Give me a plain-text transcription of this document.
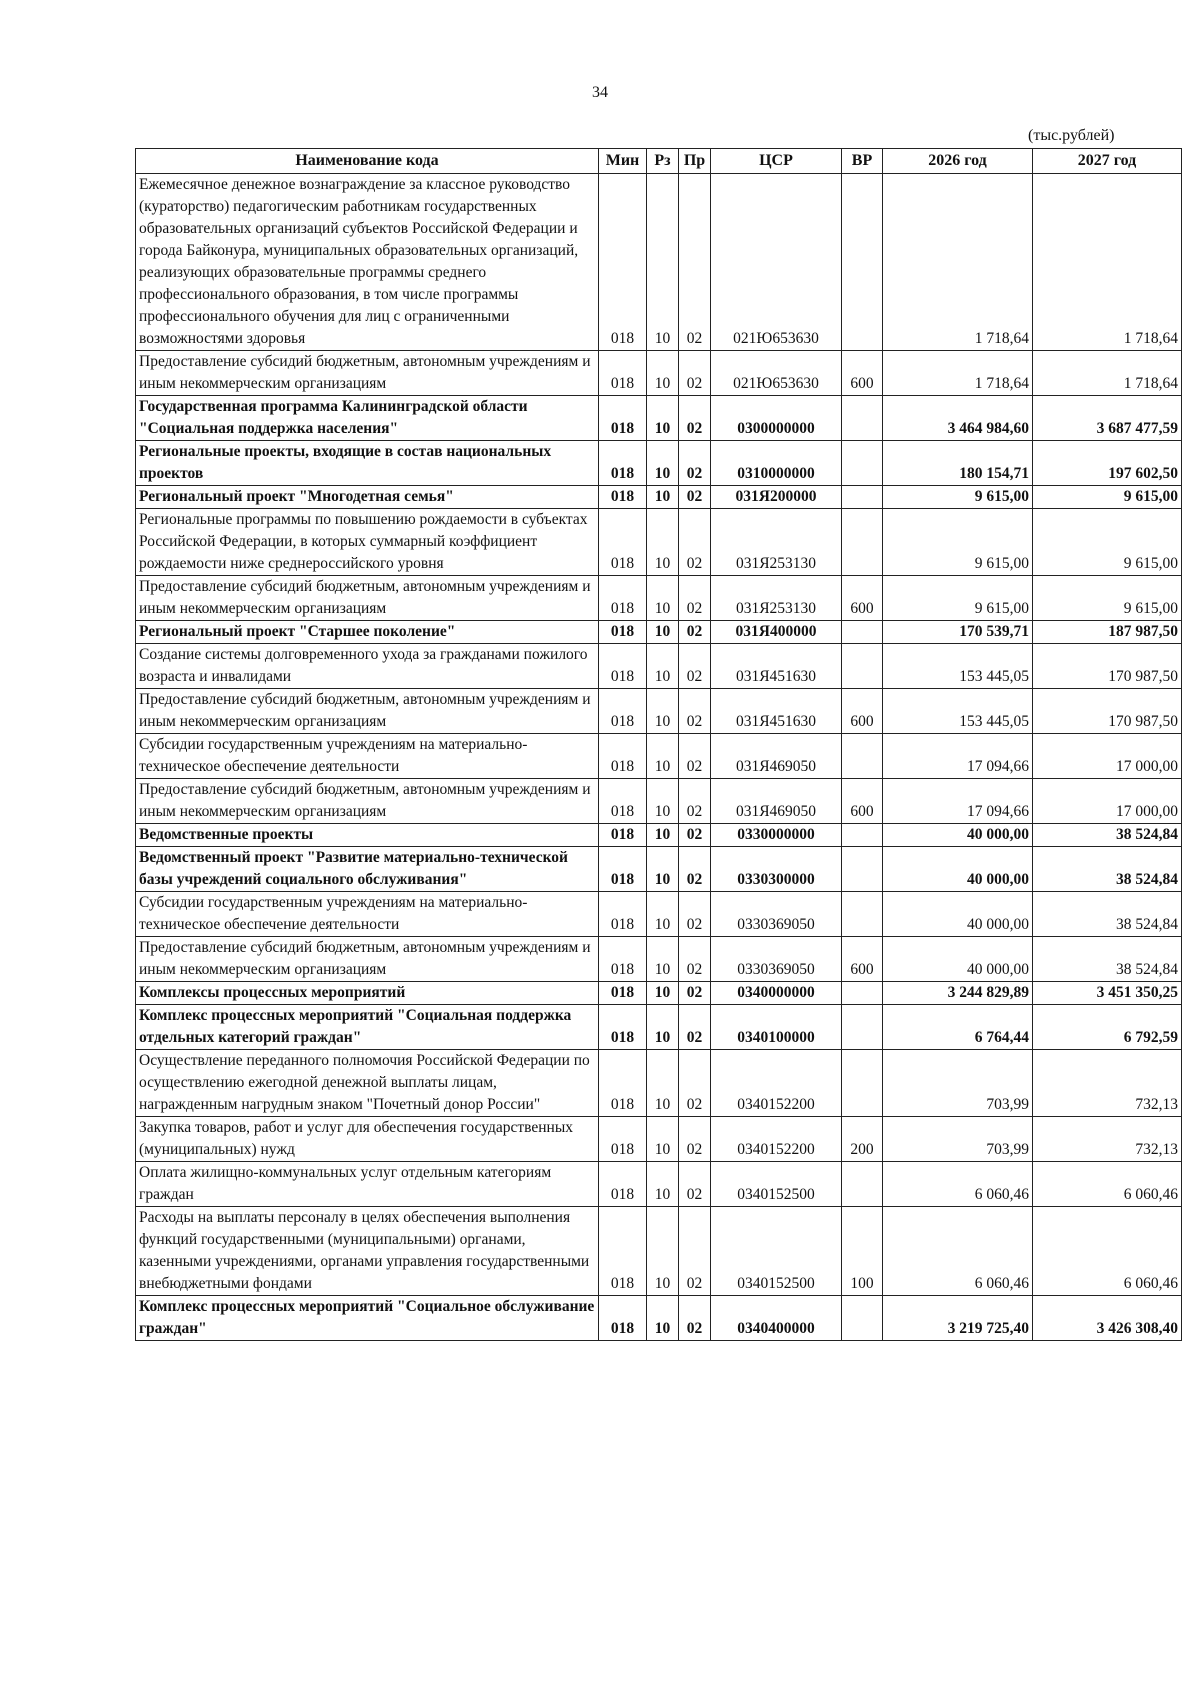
34
(тыс.рублей)
Наименование кода	Мин	Рз	Пр	ЦСР	ВР	2026 год	2027 год
Ежемесячное денежное вознаграждение за классное руководство (кураторство) педагогическим работникам государственных образовательных организаций субъектов Российской Федерации и города Байконура, муниципальных образовательных организаций, реализующих образовательные программы среднего профессионального образования, в том числе программы профессионального обучения для лиц с ограниченными возможностями здоровья	018	10	02	021Ю653630		1 718,64	1 718,64
Предоставление субсидий бюджетным, автономным учреждениям и иным некоммерческим организациям	018	10	02	021Ю653630	600	1 718,64	1 718,64
Государственная программа Калининградской области "Социальная поддержка населения"	018	10	02	0300000000		3 464 984,60	3 687 477,59
Региональные проекты, входящие в состав национальных проектов	018	10	02	0310000000		180 154,71	197 602,50
Региональный проект "Многодетная семья"	018	10	02	031Я200000		9 615,00	9 615,00
Региональные программы по повышению рождаемости в субъектах Российской Федерации, в которых суммарный коэффициент рождаемости ниже среднероссийского уровня	018	10	02	031Я253130		9 615,00	9 615,00
Предоставление субсидий бюджетным, автономным учреждениям и иным некоммерческим организациям	018	10	02	031Я253130	600	9 615,00	9 615,00
Региональный проект "Старшее поколение"	018	10	02	031Я400000		170 539,71	187 987,50
Создание системы долговременного ухода за гражданами пожилого возраста и инвалидами	018	10	02	031Я451630		153 445,05	170 987,50
Предоставление субсидий бюджетным, автономным учреждениям и иным некоммерческим организациям	018	10	02	031Я451630	600	153 445,05	170 987,50
Субсидии государственным учреждениям на материально-техническое обеспечение деятельности	018	10	02	031Я469050		17 094,66	17 000,00
Предоставление субсидий бюджетным, автономным учреждениям и иным некоммерческим организациям	018	10	02	031Я469050	600	17 094,66	17 000,00
Ведомственные проекты	018	10	02	0330000000		40 000,00	38 524,84
Ведомственный проект "Развитие материально-технической базы учреждений социального обслуживания"	018	10	02	0330300000		40 000,00	38 524,84
Субсидии государственным учреждениям на материально-техническое обеспечение деятельности	018	10	02	0330369050		40 000,00	38 524,84
Предоставление субсидий бюджетным, автономным учреждениям и иным некоммерческим организациям	018	10	02	0330369050	600	40 000,00	38 524,84
Комплексы процессных мероприятий	018	10	02	0340000000		3 244 829,89	3 451 350,25
Комплекс процессных мероприятий "Социальная поддержка отдельных категорий граждан"	018	10	02	0340100000		6 764,44	6 792,59
Осуществление переданного полномочия Российской Федерации по осуществлению ежегодной денежной выплаты лицам, награжденным нагрудным знаком "Почетный донор России"	018	10	02	0340152200		703,99	732,13
Закупка товаров, работ и услуг для обеспечения государственных (муниципальных) нужд	018	10	02	0340152200	200	703,99	732,13
Оплата жилищно-коммунальных услуг отдельным категориям граждан	018	10	02	0340152500		6 060,46	6 060,46
Расходы на выплаты персоналу в целях обеспечения выполнения функций государственными (муниципальными) органами, казенными учреждениями, органами управления государственными внебюджетными фондами	018	10	02	0340152500	100	6 060,46	6 060,46
Комплекс процессных мероприятий "Социальное обслуживание граждан"	018	10	02	0340400000		3 219 725,40	3 426 308,40
